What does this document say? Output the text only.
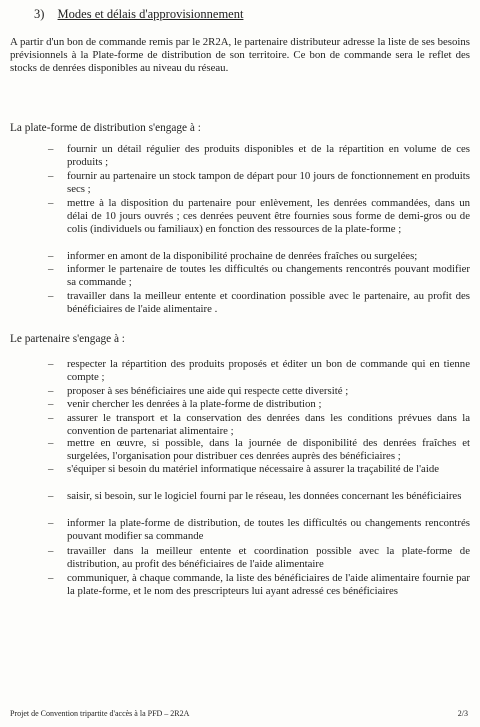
3) Modes et délais d'approvisionnement
A partir d'un bon de commande remis par le 2R2A, le partenaire distributeur adresse la liste de ses besoins prévisionnels à la Plate-forme de distribution de son territoire. Ce bon de commande sera le reflet des stocks de denrées disponibles au niveau du réseau.
La plate-forme de distribution s'engage à :
– fournir un détail régulier des produits disponibles et de la répartition en volume de ces produits ;
– fournir au partenaire un stock tampon de départ pour 10 jours de fonctionnement en produits secs ;
– mettre à la disposition du partenaire pour enlèvement, les denrées commandées, dans un délai de 10 jours ouvrés ; ces denrées peuvent être fournies sous forme de demi-gros ou de colis (individuels ou familiaux) en fonction des ressources de la plate-forme ;
– informer en amont de la disponibilité prochaine de denrées fraîches ou surgelées;
– informer le partenaire de toutes les difficultés ou changements rencontrés pouvant modifier sa commande ;
– travailler dans la meilleur entente et coordination possible avec le partenaire, au profit des bénéficiaires de l'aide alimentaire .
Le partenaire s'engage à :
– respecter la répartition des produits proposés et éditer un bon de commande qui en tienne compte ;
– proposer à ses bénéficiaires une aide qui respecte cette diversité ;
– venir chercher les denrées à la plate-forme de distribution ;
– assurer le transport et la conservation des denrées dans les conditions prévues dans la convention de partenariat alimentaire ;
– mettre en œuvre, si possible, dans la journée de disponibilité des denrées fraîches et surgelées, l'organisation pour distribuer ces denrées auprès des bénéficiaires ;
– s'équiper si besoin du matériel informatique nécessaire à assurer la traçabilité de l'aide
– saisir, si besoin, sur le logiciel fourni par le réseau, les données concernant les bénéficiaires
– informer la plate-forme de distribution, de toutes les difficultés ou changements rencontrés pouvant modifier sa commande
– travailler dans la meilleur entente et coordination possible avec la plate-forme de distribution, au profit des bénéficiaires de l'aide alimentaire
– communiquer, à chaque commande, la liste des bénéficiaires de l'aide alimentaire fournie par la plate-forme, et le nom des prescripteurs lui ayant adressé ces bénéficiaires
Projet de Convention tripartite d'accès à la PFD – 2R2A	2/3
